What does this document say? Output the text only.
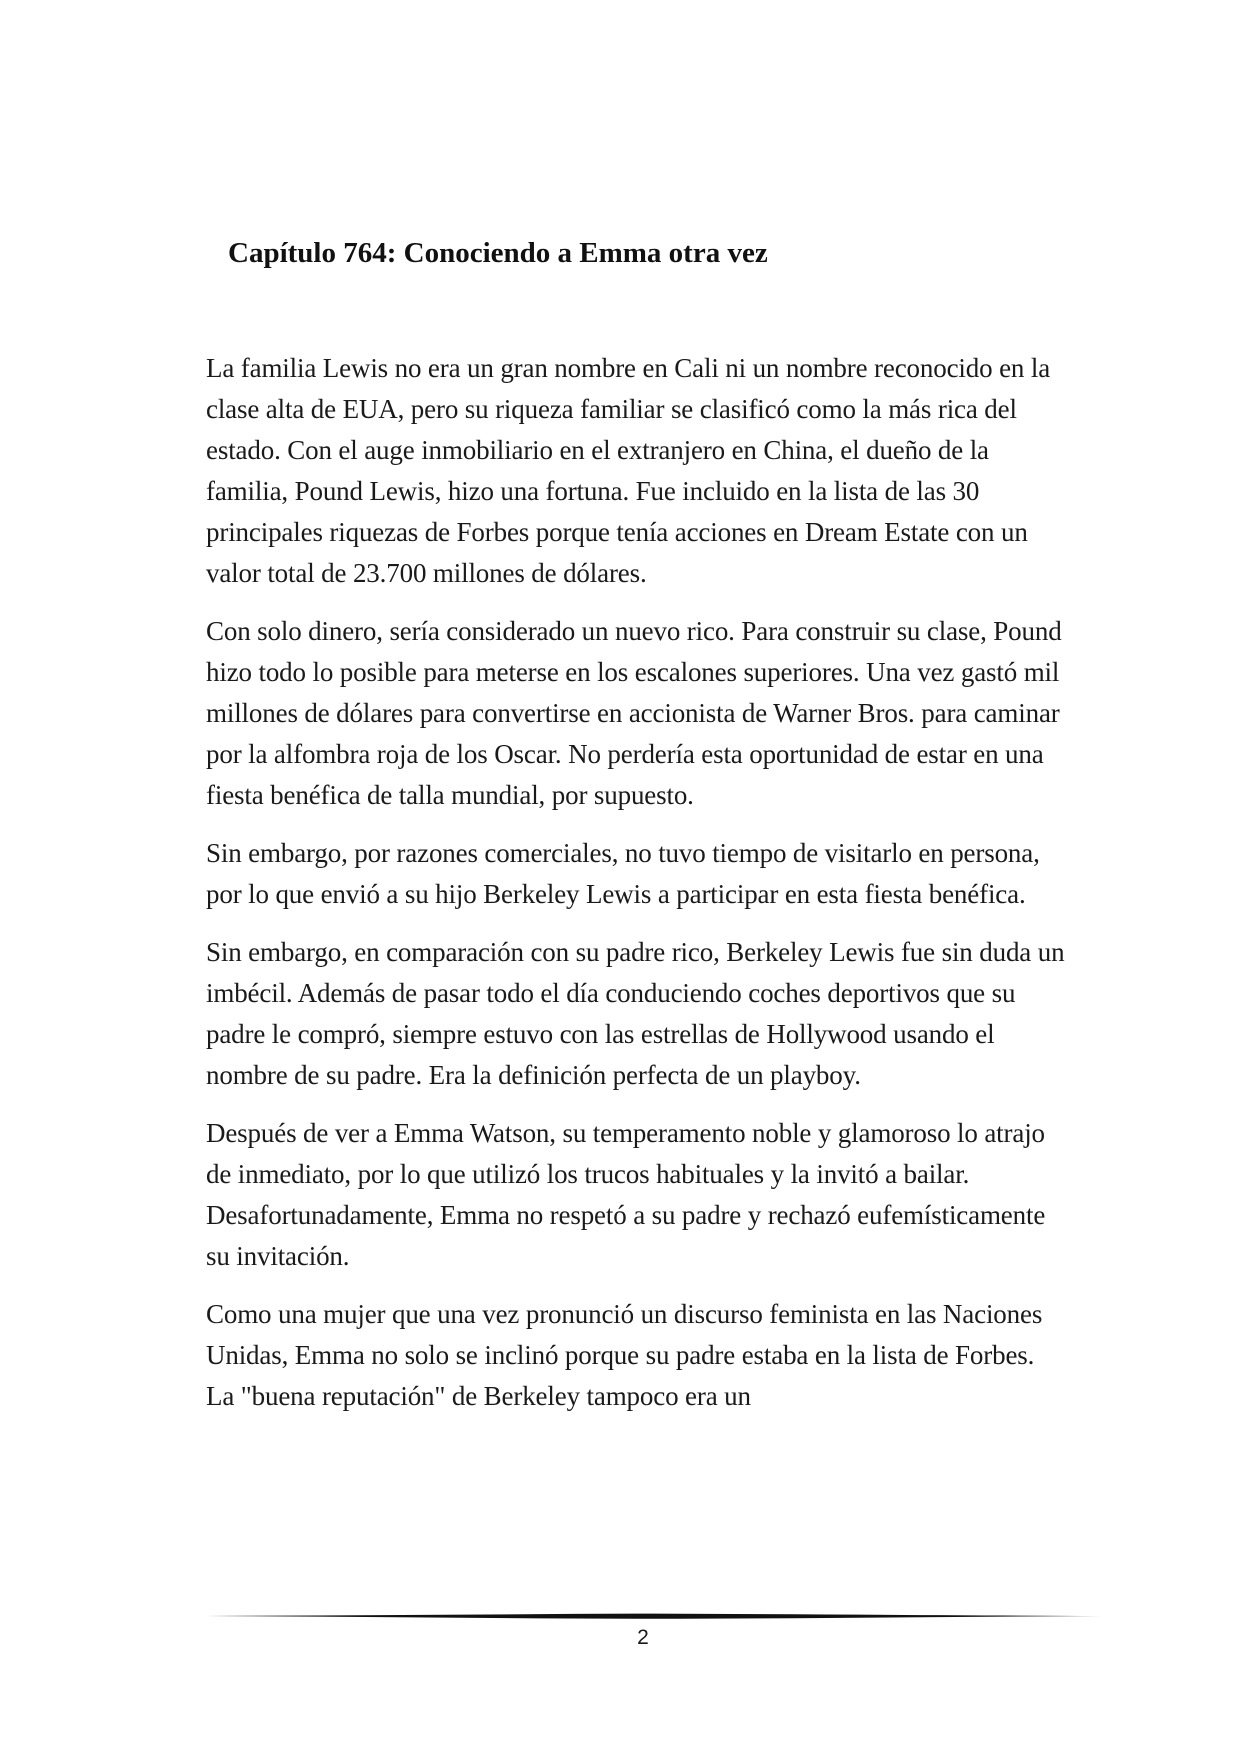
Capítulo 764: Conociendo a Emma otra vez

La familia Lewis no era un gran nombre en Cali ni un nombre reconocido en la clase alta de EUA, pero su riqueza familiar se clasificó como la más rica del estado. Con el auge inmobiliario en el extranjero en China, el dueño de la familia, Pound Lewis, hizo una fortuna. Fue incluido en la lista de las 30 principales riquezas de Forbes porque tenía acciones en Dream Estate con un valor total de 23.700 millones de dólares.

Con solo dinero, sería considerado un nuevo rico. Para construir su clase, Pound hizo todo lo posible para meterse en los escalones superiores. Una vez gastó mil millones de dólares para convertirse en accionista de Warner Bros. para caminar por la alfombra roja de los Oscar. No perdería esta oportunidad de estar en una fiesta benéfica de talla mundial, por supuesto.

Sin embargo, por razones comerciales, no tuvo tiempo de visitarlo en persona, por lo que envió a su hijo Berkeley Lewis a participar en esta fiesta benéfica.

Sin embargo, en comparación con su padre rico, Berkeley Lewis fue sin duda un imbécil. Además de pasar todo el día conduciendo coches deportivos que su padre le compró, siempre estuvo con las estrellas de Hollywood usando el nombre de su padre. Era la definición perfecta de un playboy.

Después de ver a Emma Watson, su temperamento noble y glamoroso lo atrajo de inmediato, por lo que utilizó los trucos habituales y la invitó a bailar. Desafortunadamente, Emma no respetó a su padre y rechazó eufemísticamente su invitación.

Como una mujer que una vez pronunció un discurso feminista en las Naciones Unidas, Emma no solo se inclinó porque su padre estaba en la lista de Forbes. La "buena reputación" de Berkeley tampoco era un

2
